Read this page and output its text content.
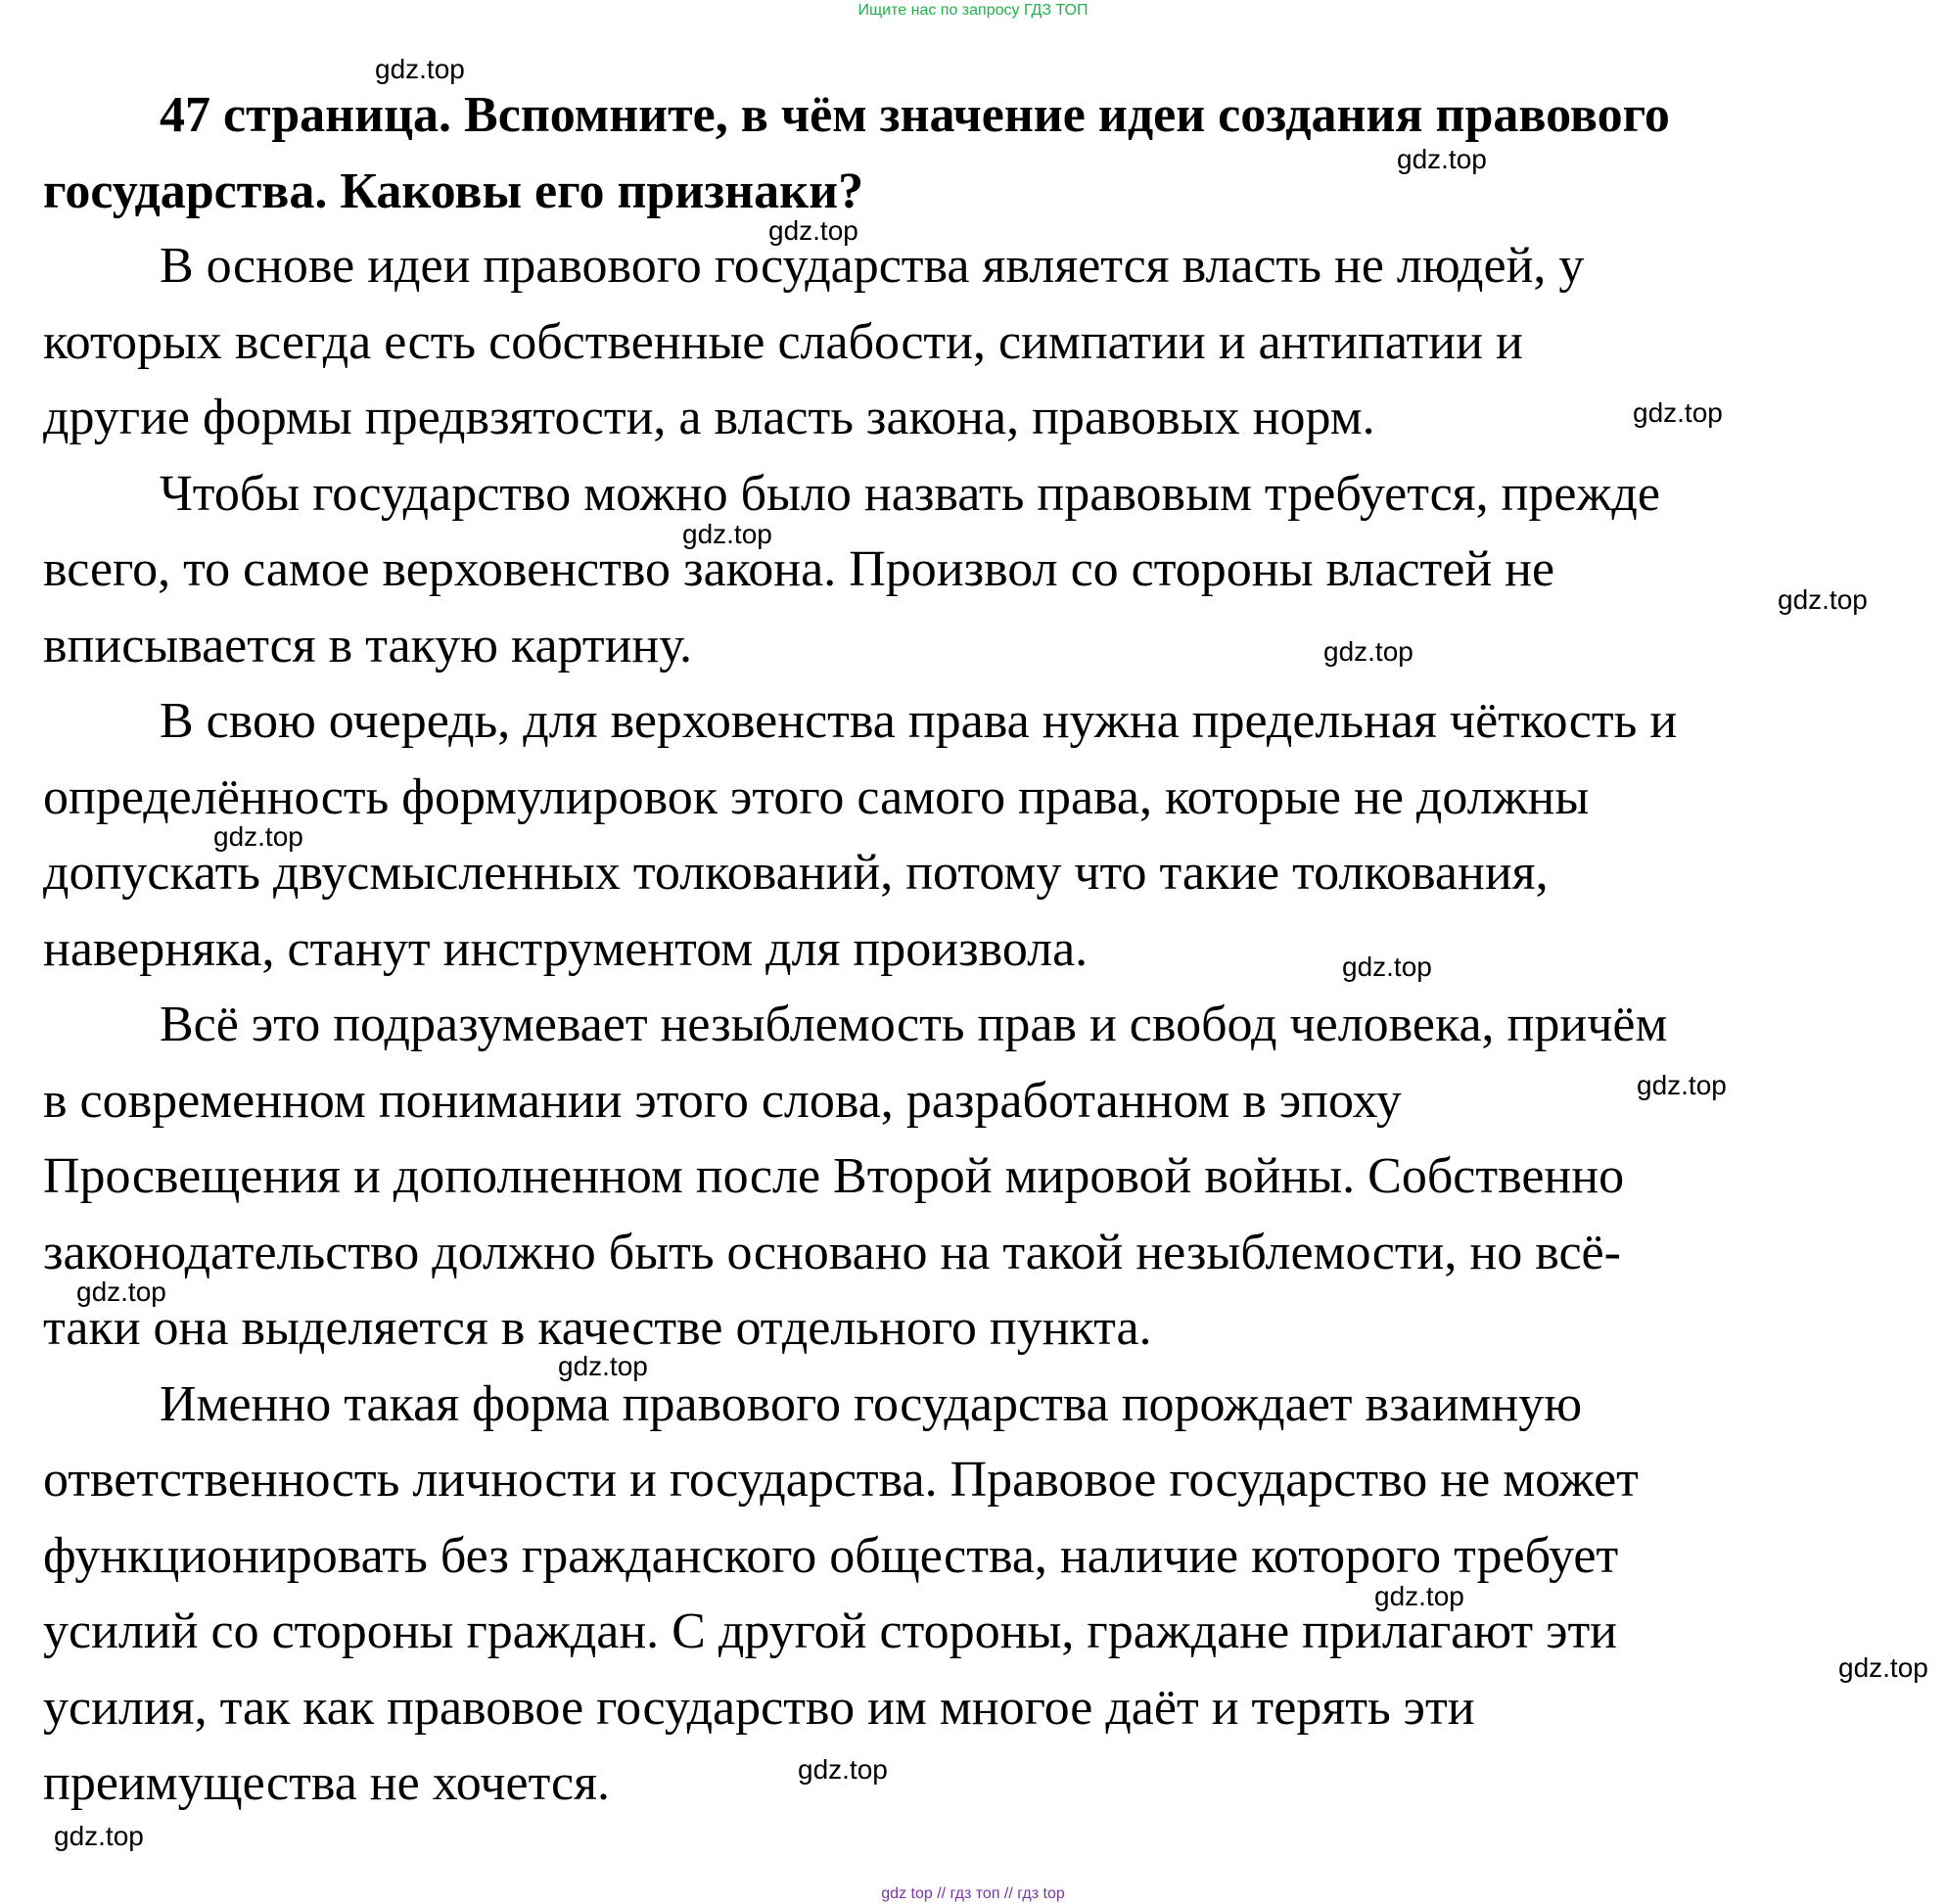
Ищите нас по запросу ГДЗ ТОП
47 страница. Вспомните, в чём значение идеи создания правового
государства. Каковы его признаки?
В основе идеи правового государства является власть не людей, у
которых всегда есть собственные слабости, симпатии и антипатии и
другие формы предвзятости, а власть закона, правовых норм.
Чтобы государство можно было назвать правовым требуется, прежде
всего, то самое верховенство закона. Произвол со стороны властей не
вписывается в такую картину.
В свою очередь, для верховенства права нужна предельная чёткость и
определённость формулировок этого самого права, которые не должны
допускать двусмысленных толкований, потому что такие толкования,
наверняка, станут инструментом для произвола.
Всё это подразумевает незыблемость прав и свобод человека, причём
в современном понимании этого слова, разработанном в эпоху
Просвещения и дополненном после Второй мировой войны. Собственно
законодательство должно быть основано на такой незыблемости, но всё-
таки она выделяется в качестве отдельного пункта.
Именно такая форма правового государства порождает взаимную
ответственность личности и государства. Правовое государство не может
функционировать без гражданского общества, наличие которого требует
усилий со стороны граждан. С другой стороны, граждане прилагают эти
усилия, так как правовое государство им многое даёт и терять эти
преимущества не хочется.
gdz.top
gdz.top
gdz.top
gdz.top
gdz.top
gdz.top
gdz.top
gdz.top
gdz.top
gdz.top
gdz.top
gdz.top
gdz.top
gdz.top
gdz.top
gdz.top
gdz top // гдз топ // гдз top
